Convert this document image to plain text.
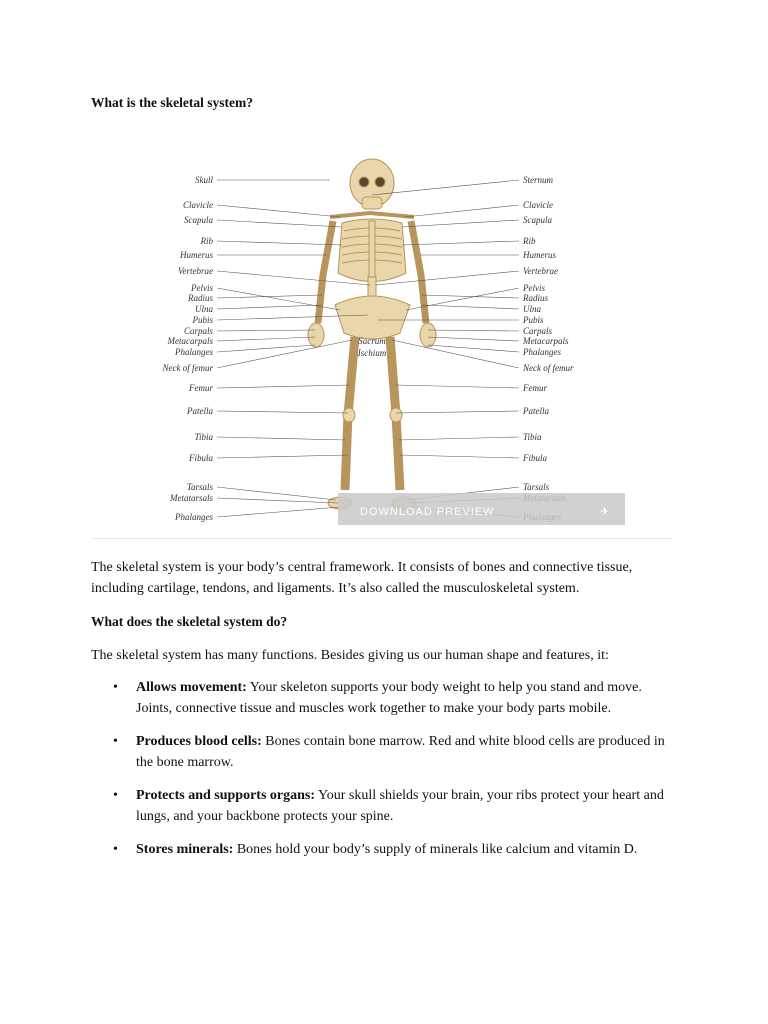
What is the skeletal system?

The skeletal system is your body’s central framework. It consists of bones and connective tissue, including cartilage, tendons, and ligaments. It’s also called the musculoskeletal system.

What does the skeletal system do?

The skeletal system has many functions. Besides giving us our human shape and features, it:

• Allows movement: Your skeleton supports your body weight to help you stand and move. Joints, connective tissue and muscles work together to make your body parts mobile.
• Produces blood cells: Bones contain bone marrow. Red and white blood cells are produced in the bone marrow.
• Protects and supports organs: Your skull shields your brain, your ribs protect your heart and lungs, and your backbone protects your spine.
• Stores minerals: Bones hold your body’s supply of minerals like calcium and vitamin D.
Skull
Clavicle
Scapula
Rib
Humerus
Vertebrae
Pelvis
Radius
Ulna
Pubis
Carpals
Metacarpals
Phalanges
Neck of femur
Femur
Patella
Tibia
Fibula
Tarsals
Metatarsals
Phalanges
Sternum
Clavicle
Scapula
Rib
Humerus
Vertebrae
Pelvis
Radius
Ulna
Pubis
Carpals
Metacarpals
Phalanges
Neck of femur
Femur
Patella
Tibia
Fibula
Tarsals
Sacrum
Ischium
DOWNLOAD PREVIEW	✈
